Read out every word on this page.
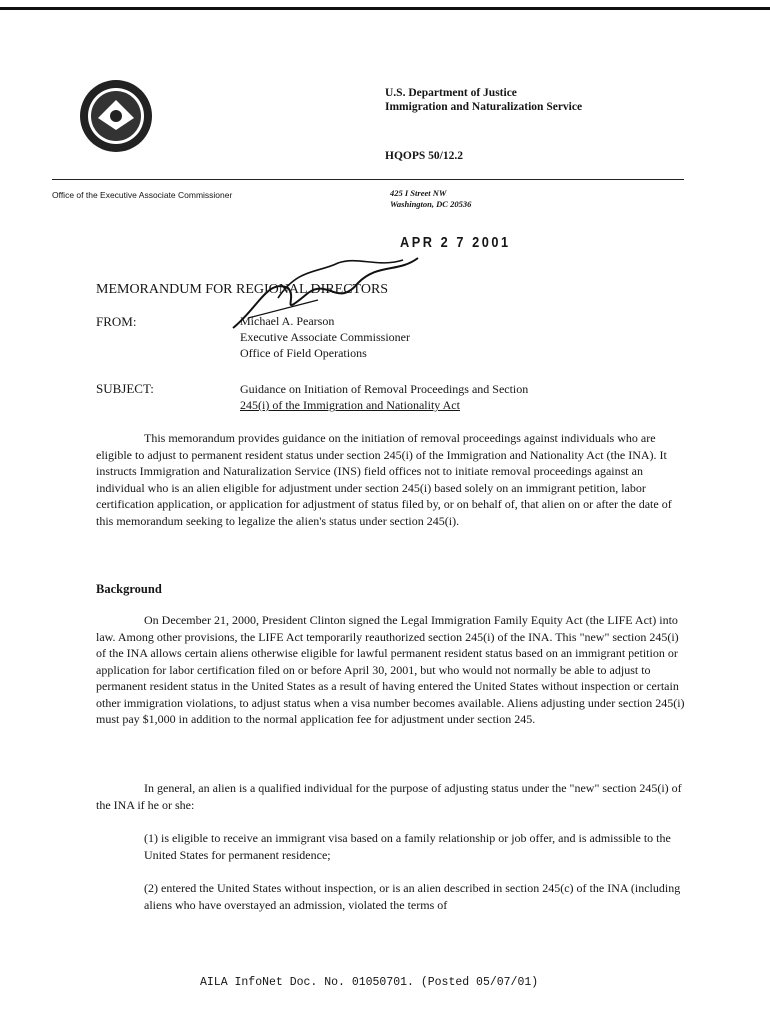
U.S. Department of Justice
Immigration and Naturalization Service
HQOPS 50/12.2
Office of the Executive Associate Commissioner	425 I Street NW
Washington, DC 20536
APR 2 7 2001
MEMORANDUM FOR REGIONAL DIRECTORS
FROM:	Michael A. Pearson
Executive Associate Commissioner
Office of Field Operations
SUBJECT:	Guidance on Initiation of Removal Proceedings and Section
245(i) of the Immigration and Nationality Act
This memorandum provides guidance on the initiation of removal proceedings against individuals who are eligible to adjust to permanent resident status under section 245(i) of the Immigration and Nationality Act (the INA). It instructs Immigration and Naturalization Service (INS) field offices not to initiate removal proceedings against an individual who is an alien eligible for adjustment under section 245(i) based solely on an immigrant petition, labor certification application, or application for adjustment of status filed by, or on behalf of, that alien on or after the date of this memorandum seeking to legalize the alien's status under section 245(i).
Background
On December 21, 2000, President Clinton signed the Legal Immigration Family Equity Act (the LIFE Act) into law. Among other provisions, the LIFE Act temporarily reauthorized section 245(i) of the INA. This "new" section 245(i) of the INA allows certain aliens otherwise eligible for lawful permanent resident status based on an immigrant petition or application for labor certification filed on or before April 30, 2001, but who would not normally be able to adjust to permanent resident status in the United States as a result of having entered the United States without inspection or certain other immigration violations, to adjust status when a visa number becomes available. Aliens adjusting under section 245(i) must pay $1,000 in addition to the normal application fee for adjustment under section 245.
In general, an alien is a qualified individual for the purpose of adjusting status under the "new" section 245(i) of the INA if he or she:
(1) is eligible to receive an immigrant visa based on a family relationship or job offer, and is admissible to the United States for permanent residence;
(2) entered the United States without inspection, or is an alien described in section 245(c) of the INA (including aliens who have overstayed an admission, violated the terms of
AILA InfoNet Doc. No. 01050701. (Posted 05/07/01)
